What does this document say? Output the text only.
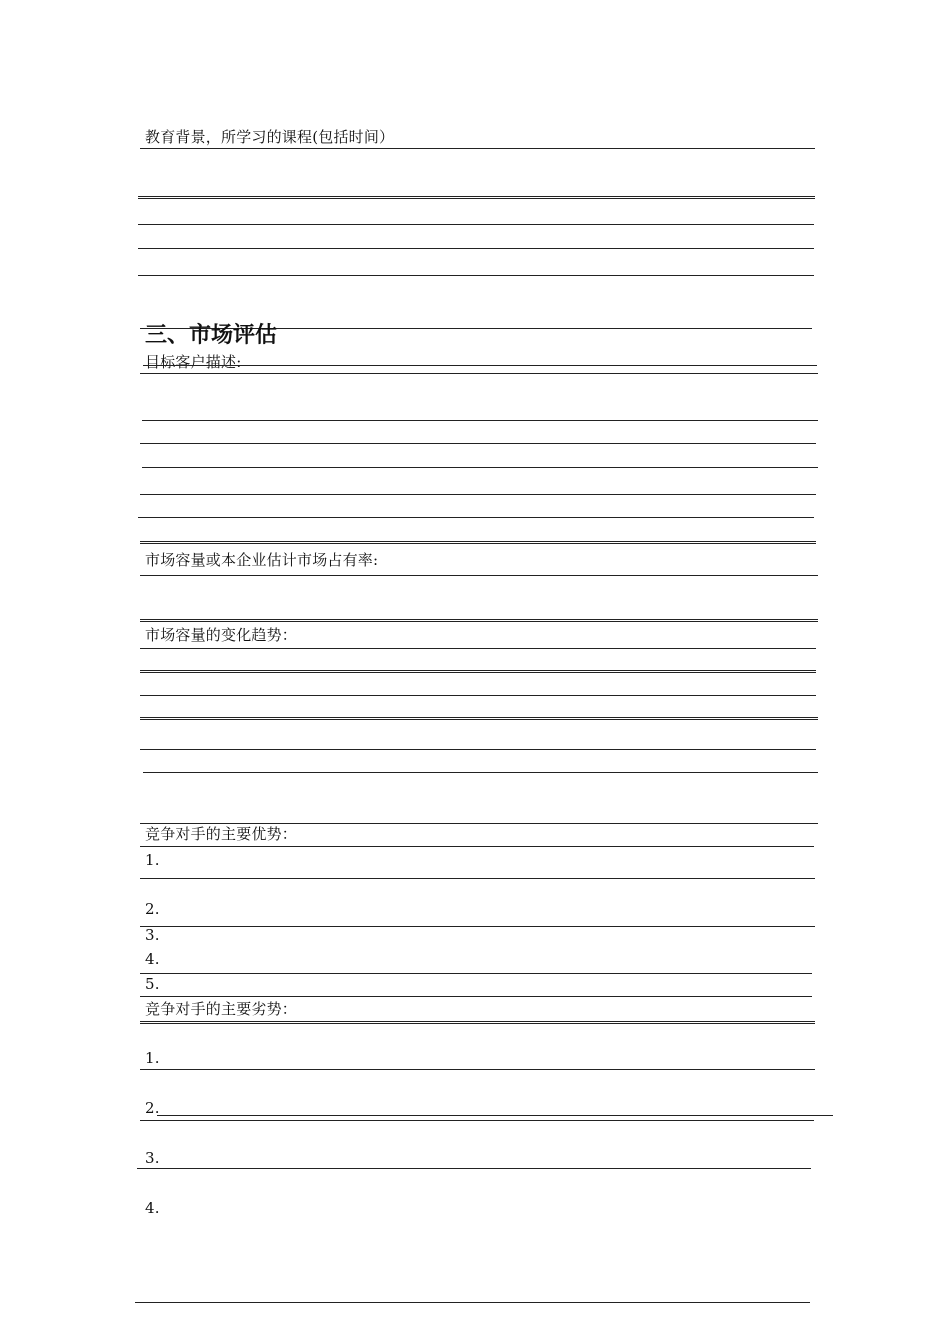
教育背景，所学习的课程(包括时间）
三、市场评估
目标客户描述:
市场容量或本企业估计市场占有率:
市场容量的变化趋势：
竞争对手的主要优势：
1.
2.
3.
4.
5.
竞争对手的主要劣势：
1.
2.
3.
4.
